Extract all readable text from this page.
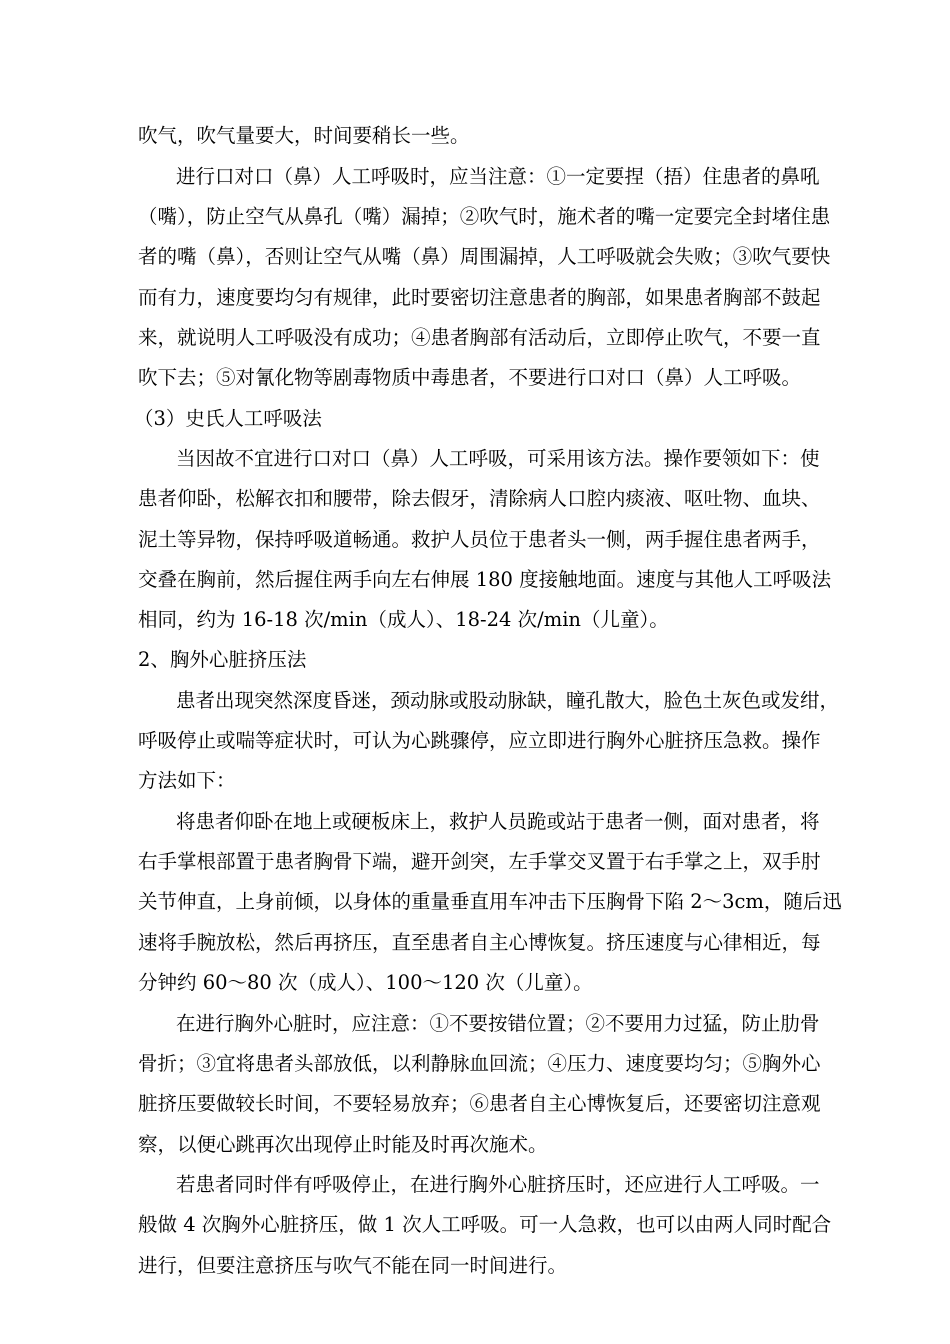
吹气，吹气量要大，时间要稍长一些。
进行口对口（鼻）人工呼吸时，应当注意：①一定要捏（捂）住患者的鼻吼
（嘴），防止空气从鼻孔（嘴）漏掉；②吹气时，施术者的嘴一定要完全封堵住患
者的嘴（鼻），否则让空气从嘴（鼻）周围漏掉，人工呼吸就会失败；③吹气要快
而有力，速度要均匀有规律，此时要密切注意患者的胸部，如果患者胸部不鼓起
来，就说明人工呼吸没有成功；④患者胸部有活动后，立即停止吹气，不要一直
吹下去；⑤对氰化物等剧毒物质中毒患者，不要进行口对口（鼻）人工呼吸。
（3）史氏人工呼吸法
当因故不宜进行口对口（鼻）人工呼吸，可采用该方法。操作要领如下：使
患者仰卧，松解衣扣和腰带，除去假牙，清除病人口腔内痰液、呕吐物、血块、
泥土等异物，保持呼吸道畅通。救护人员位于患者头一侧，两手握住患者两手，
交叠在胸前，然后握住两手向左右伸展 180 度接触地面。速度与其他人工呼吸法
相同，约为 16-18 次/min（成人）、18-24 次/min（儿童）。
2、胸外心脏挤压法
患者出现突然深度昏迷，颈动脉或股动脉缺，瞳孔散大，脸色土灰色或发绀，
呼吸停止或喘等症状时，可认为心跳骤停，应立即进行胸外心脏挤压急救。操作
方法如下：
将患者仰卧在地上或硬板床上，救护人员跪或站于患者一侧，面对患者，将
右手掌根部置于患者胸骨下端，避开剑突，左手掌交叉置于右手掌之上，双手肘
关节伸直，上身前倾，以身体的重量垂直用车冲击下压胸骨下陷 2～3cm，随后迅
速将手腕放松，然后再挤压，直至患者自主心博恢复。挤压速度与心律相近，每
分钟约 60～80 次（成人）、100～120 次（儿童）。
在进行胸外心脏时，应注意：①不要按错位置；②不要用力过猛，防止肋骨
骨折；③宜将患者头部放低，以利静脉血回流；④压力、速度要均匀；⑤胸外心
脏挤压要做较长时间，不要轻易放弃；⑥患者自主心博恢复后，还要密切注意观
察，以便心跳再次出现停止时能及时再次施术。
若患者同时伴有呼吸停止，在进行胸外心脏挤压时，还应进行人工呼吸。一
般做 4 次胸外心脏挤压，做 1 次人工呼吸。可一人急救，也可以由两人同时配合
进行，但要注意挤压与吹气不能在同一时间进行。
